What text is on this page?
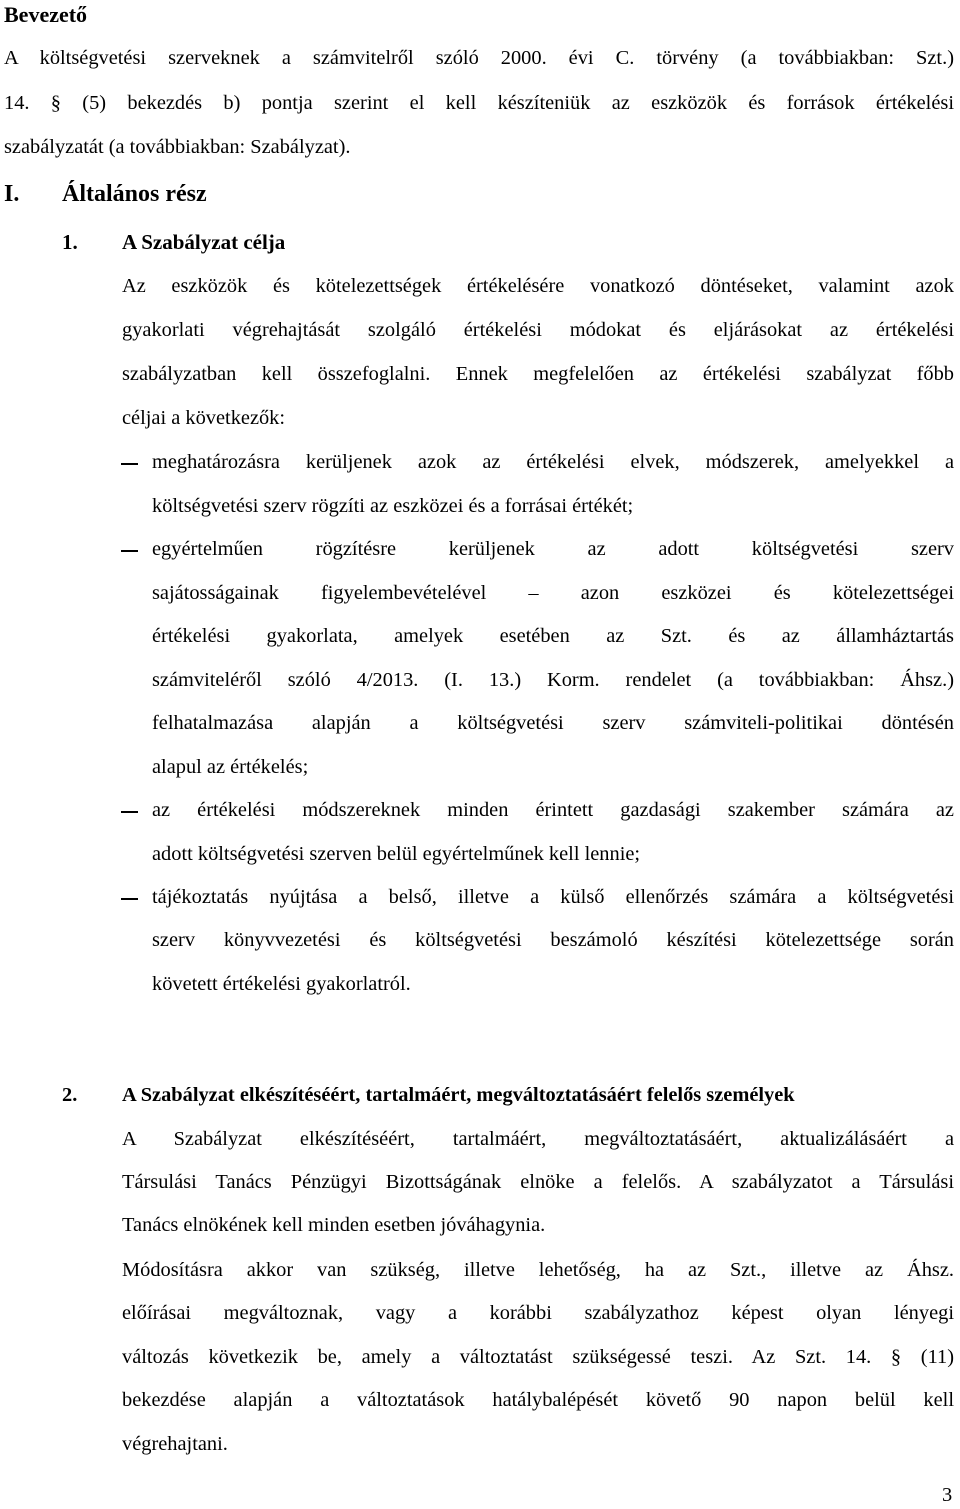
Bevezető
A költségvetési szerveknek a számvitelről szóló 2000. évi C. törvény (a továbbiakban: Szt.)
14. § (5) bekezdés b) pontja szerint el kell készíteniük az eszközök és források értékelési
szabályzatát (a továbbiakban: Szabályzat).
I. Általános rész
1. A Szabályzat célja
Az eszközök és kötelezettségek értékelésére vonatkozó döntéseket, valamint azok
gyakorlati végrehajtását szolgáló értékelési módokat és eljárásokat az értékelési
szabályzatban kell összefoglalni. Ennek megfelelően az értékelési szabályzat főbb
céljai a következők:
meghatározásra kerüljenek azok az értékelési elvek, módszerek, amelyekkel a
költségvetési szerv rögzíti az eszközei és a forrásai értékét;
egyértelműen rögzítésre kerüljenek az adott költségvetési szerv
sajátosságainak figyelembevételével – azon eszközei és kötelezettségei
értékelési gyakorlata, amelyek esetében az Szt. és az államháztartás
számviteléről szóló 4/2013. (I. 13.) Korm. rendelet (a továbbiakban: Áhsz.)
felhatalmazása alapján a költségvetési szerv számviteli-politikai döntésén
alapul az értékelés;
az értékelési módszereknek minden érintett gazdasági szakember számára az
adott költségvetési szerven belül egyértelműnek kell lennie;
tájékoztatás nyújtása a belső, illetve a külső ellenőrzés számára a költségvetési
szerv könyvvezetési és költségvetési beszámoló készítési kötelezettsége során
követett értékelési gyakorlatról.
2. A Szabályzat elkészítéséért, tartalmáért, megváltoztatásáért felelős személyek
A Szabályzat elkészítéséért, tartalmáért, megváltoztatásáért, aktualizálásáért a
Társulási Tanács Pénzügyi Bizottságának elnöke a felelős. A szabályzatot a Társulási
Tanács elnökének kell minden esetben jóváhagynia.
Módosításra akkor van szükség, illetve lehetőség, ha az Szt., illetve az Áhsz.
előírásai megváltoznak, vagy a korábbi szabályzathoz képest olyan lényegi
változás következik be, amely a változtatást szükségessé teszi. Az Szt. 14. § (11)
bekezdése alapján a változtatások hatálybalépését követő 90 napon belül kell
végrehajtani.
3
